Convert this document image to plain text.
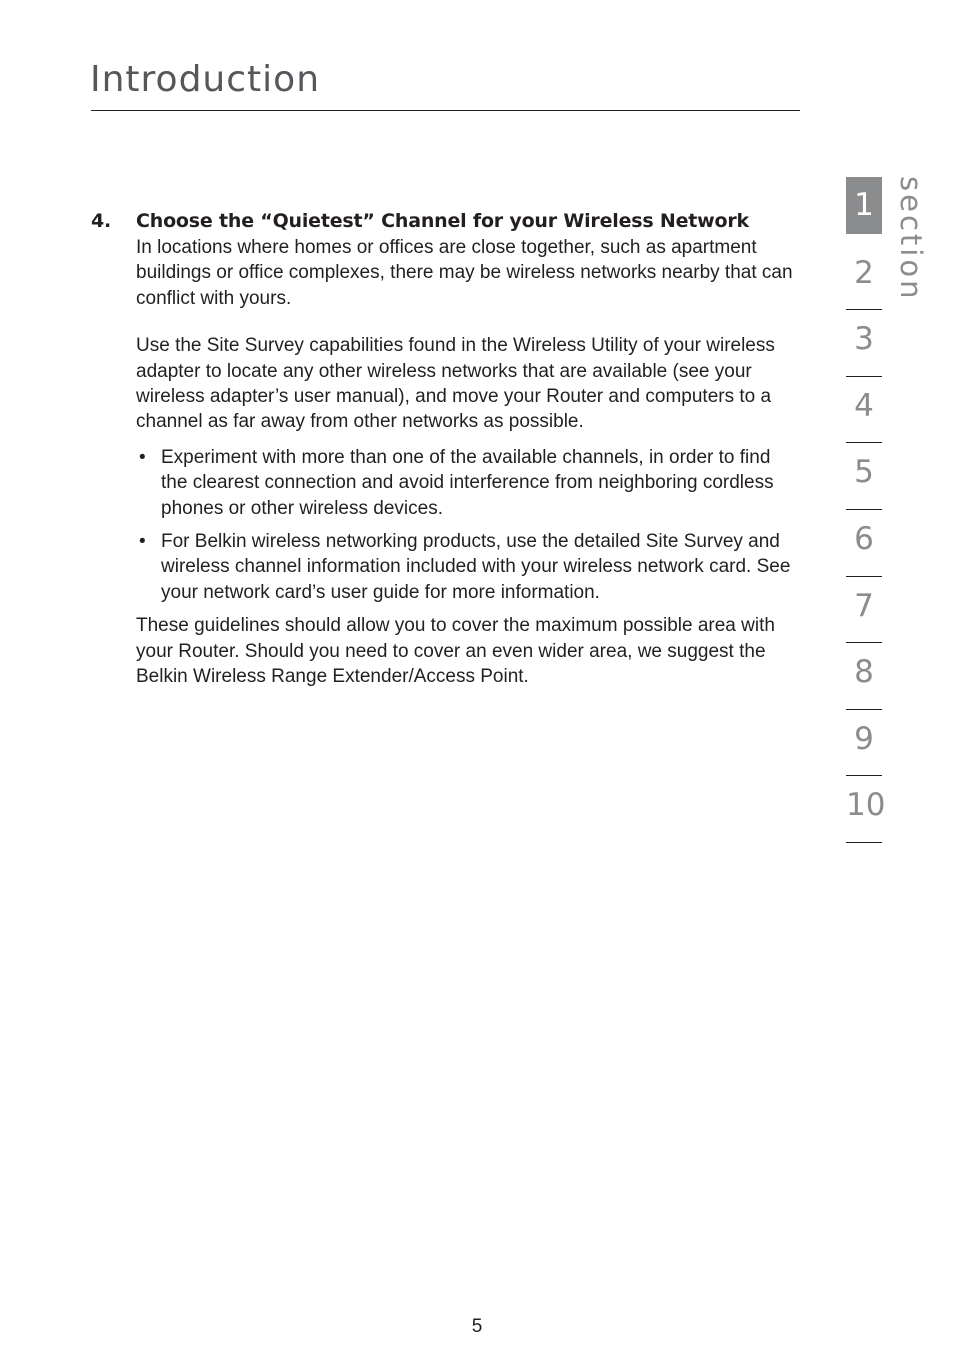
Introduction
4.	Choose the “Quietest” Channel for your Wireless Network

In locations where homes or offices are close together, such as apartment buildings or office complexes, there may be wireless networks nearby that can conflict with yours.

Use the Site Survey capabilities found in the Wireless Utility of your wireless adapter to locate any other wireless networks that are available (see your wireless adapter’s user manual), and move your Router and computers to a channel as far away from other networks as possible.

• Experiment with more than one of the available channels, in order to find the clearest connection and avoid interference from neighboring cordless phones or other wireless devices.
• For Belkin wireless networking products, use the detailed Site Survey and wireless channel information included with your wireless network card. See your network card’s user guide for more information.

These guidelines should allow you to cover the maximum possible area with your Router. Should you need to cover an even wider area, we suggest the Belkin Wireless Range Extender/Access Point.

1
2
3
4
5
6
7
8
9
10
section
5
